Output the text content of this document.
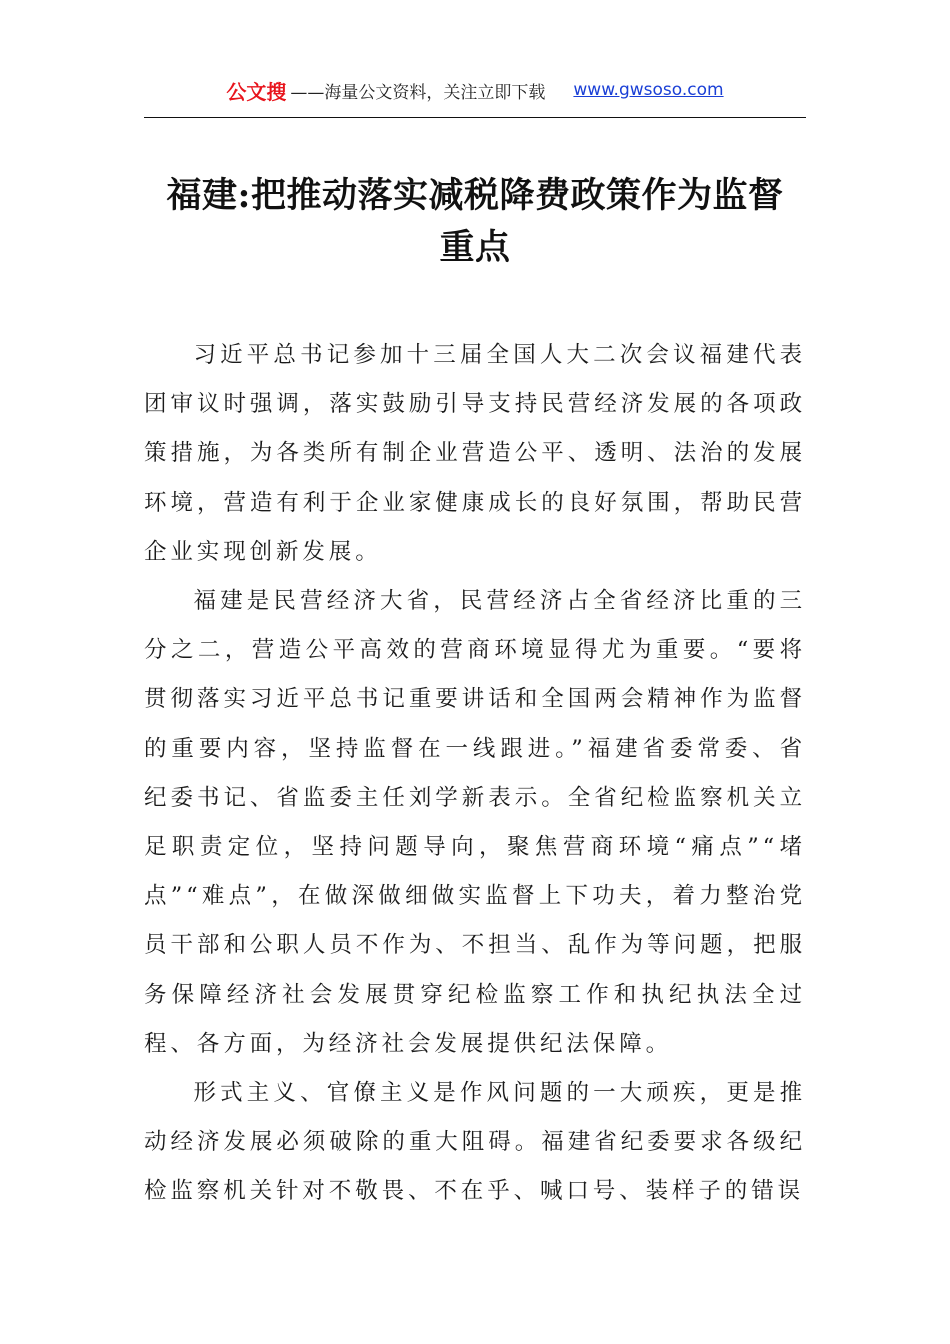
公文搜 ——海量公文资料，关注立即下载 www.gwsoso.com
福建:把推动落实减税降费政策作为监督
重点

习近平总书记参加十三届全国人大二次会议福建代表团审议时强调，落实鼓励引导支持民营经济发展的各项政策措施，为各类所有制企业营造公平、透明、法治的发展环境，营造有利于企业家健康成长的良好氛围，帮助民营企业实现创新发展。

福建是民营经济大省，民营经济占全省经济比重的三分之二，营造公平高效的营商环境显得尤为重要。“要将贯彻落实习近平总书记重要讲话和全国两会精神作为监督的重要内容，坚持监督在一线跟进。”福建省委常委、省纪委书记、省监委主任刘学新表示。全省纪检监察机关立足职责定位，坚持问题导向，聚焦营商环境“痛点”“堵点”“难点”，在做深做细做实监督上下功夫，着力整治党员干部和公职人员不作为、不担当、乱作为等问题，把服务保障经济社会发展贯穿纪检监察工作和执纪执法全过程、各方面，为经济社会发展提供纪法保障。

形式主义、官僚主义是作风问题的一大顽疾，更是推动经济发展必须破除的重大阻碍。福建省纪委要求各级纪检监察机关针对不敬畏、不在乎、喊口号、装样子的错误
